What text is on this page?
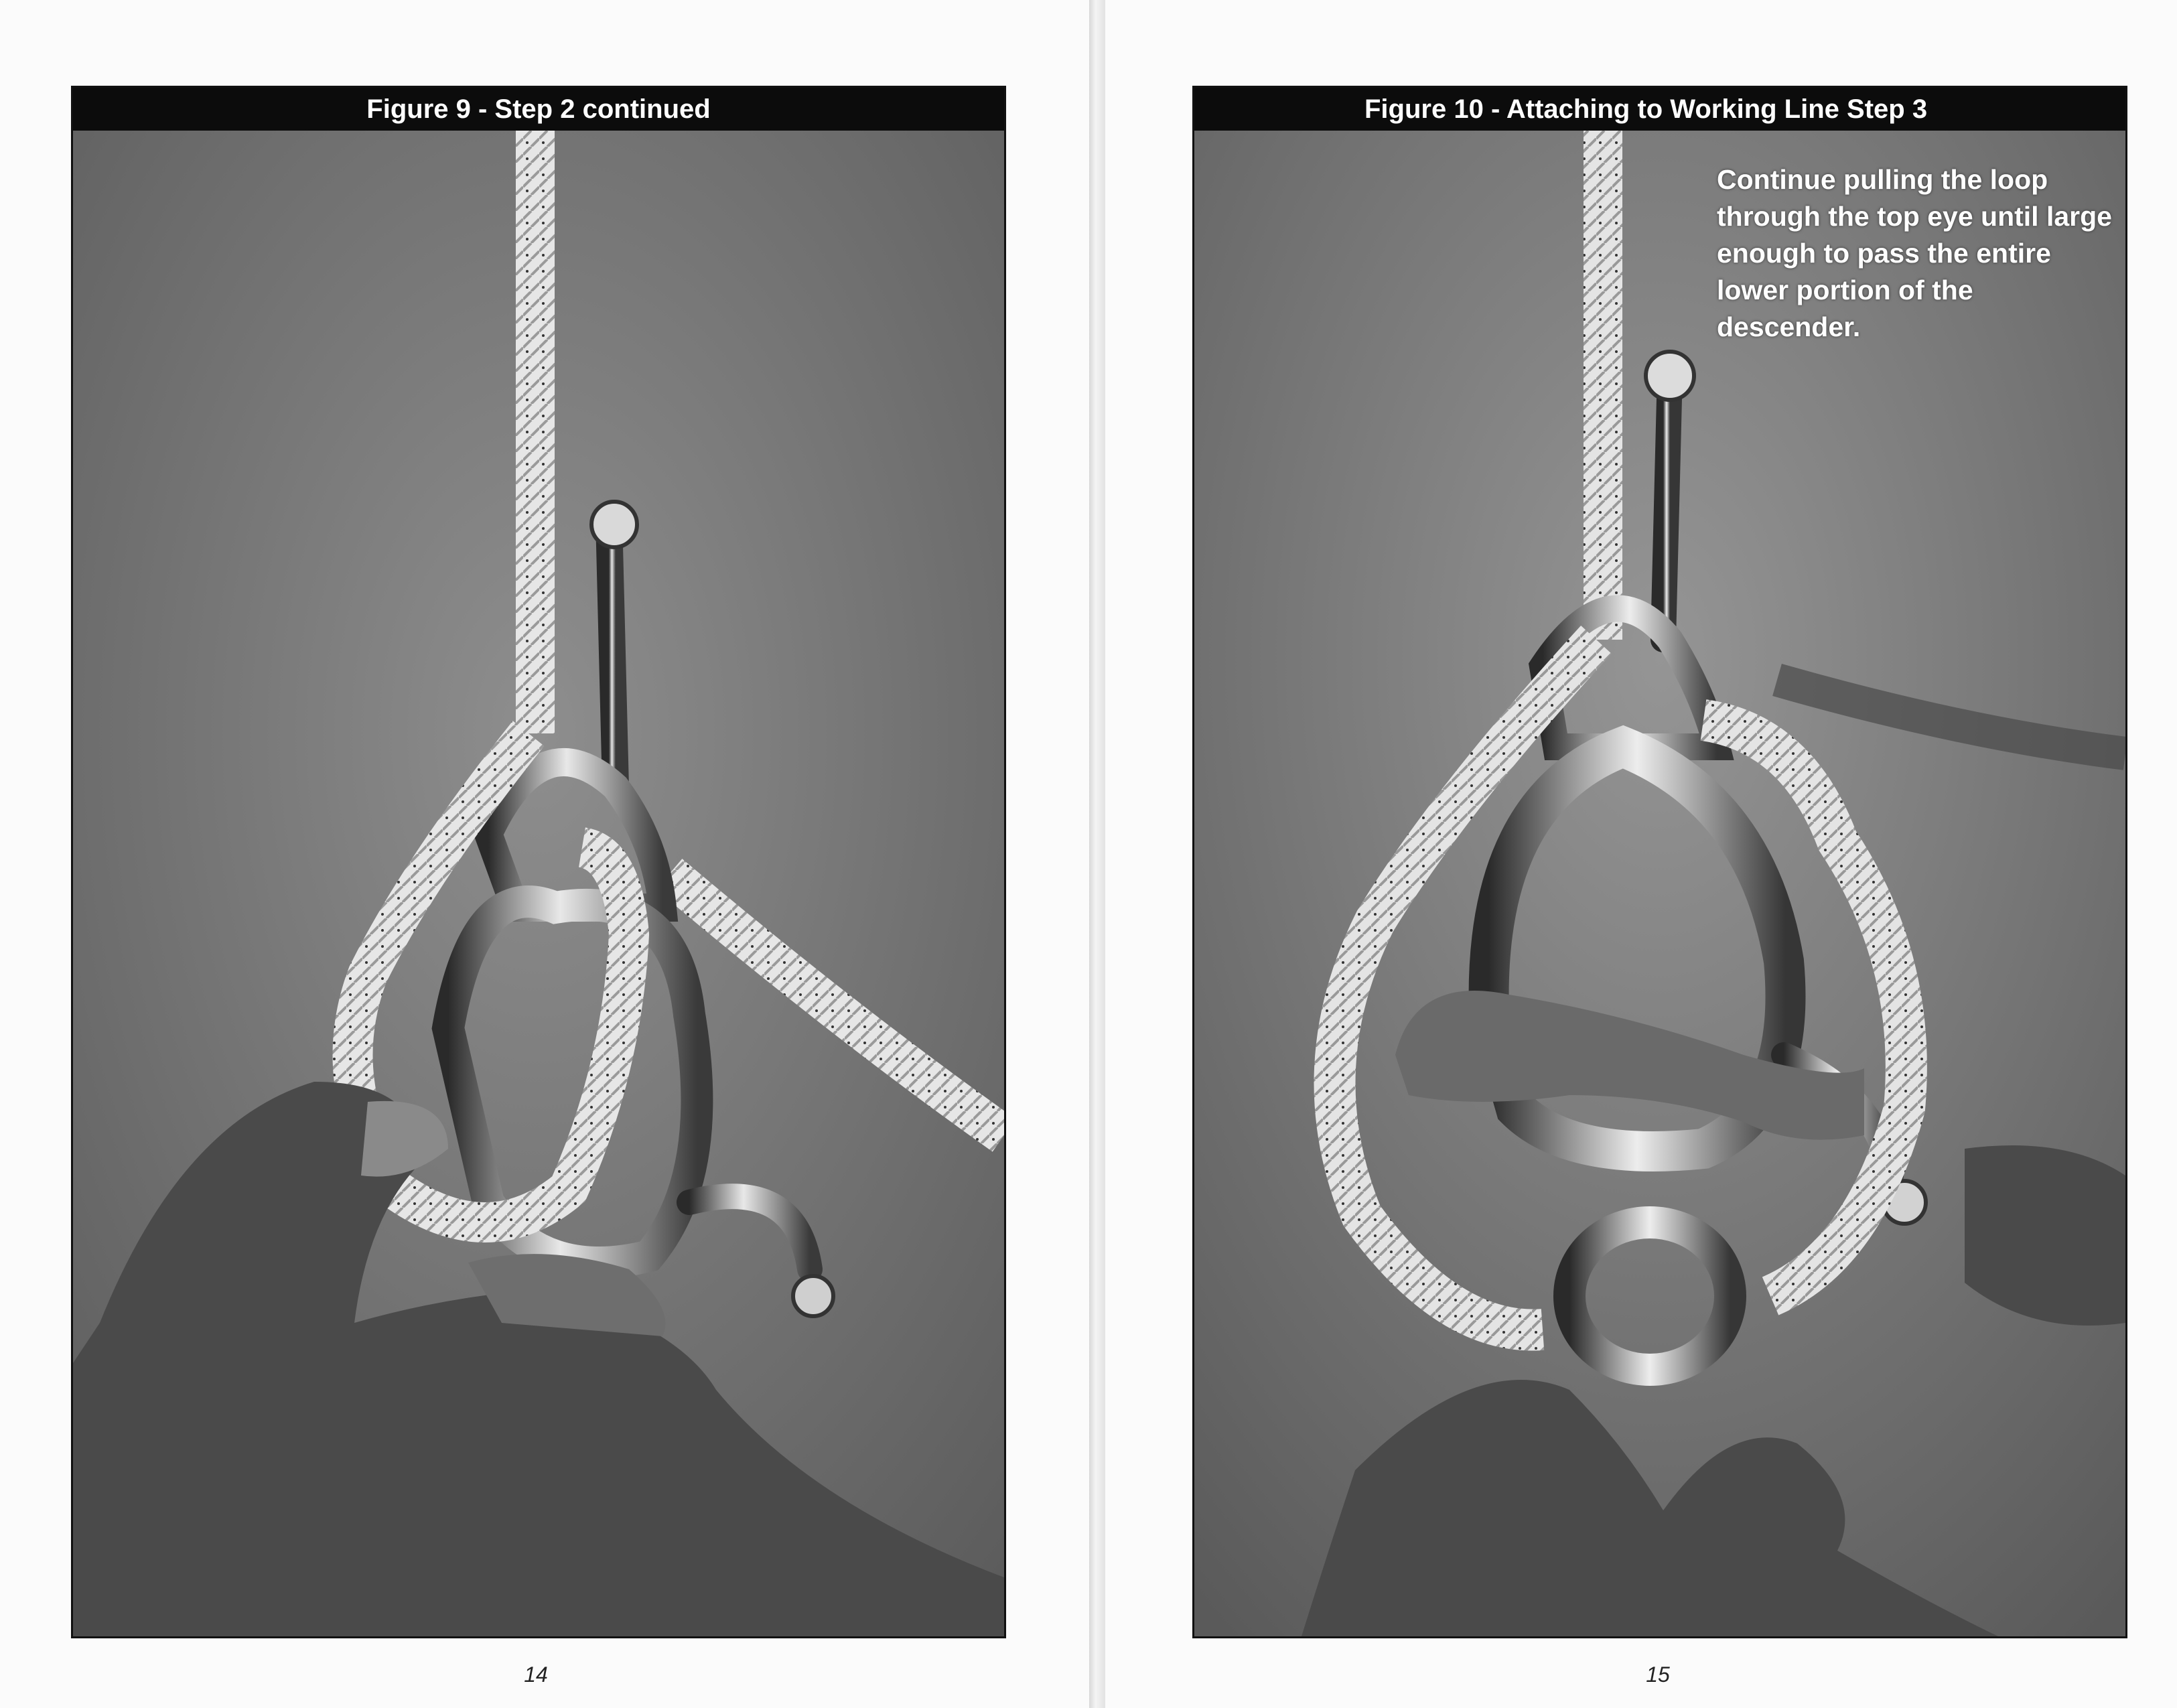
Figure 9 - Step 2 continued
14
Figure 10 - Attaching to Working Line Step 3
Continue pulling the loop through the top eye until large enough to pass the entire lower portion of the descender.
15
